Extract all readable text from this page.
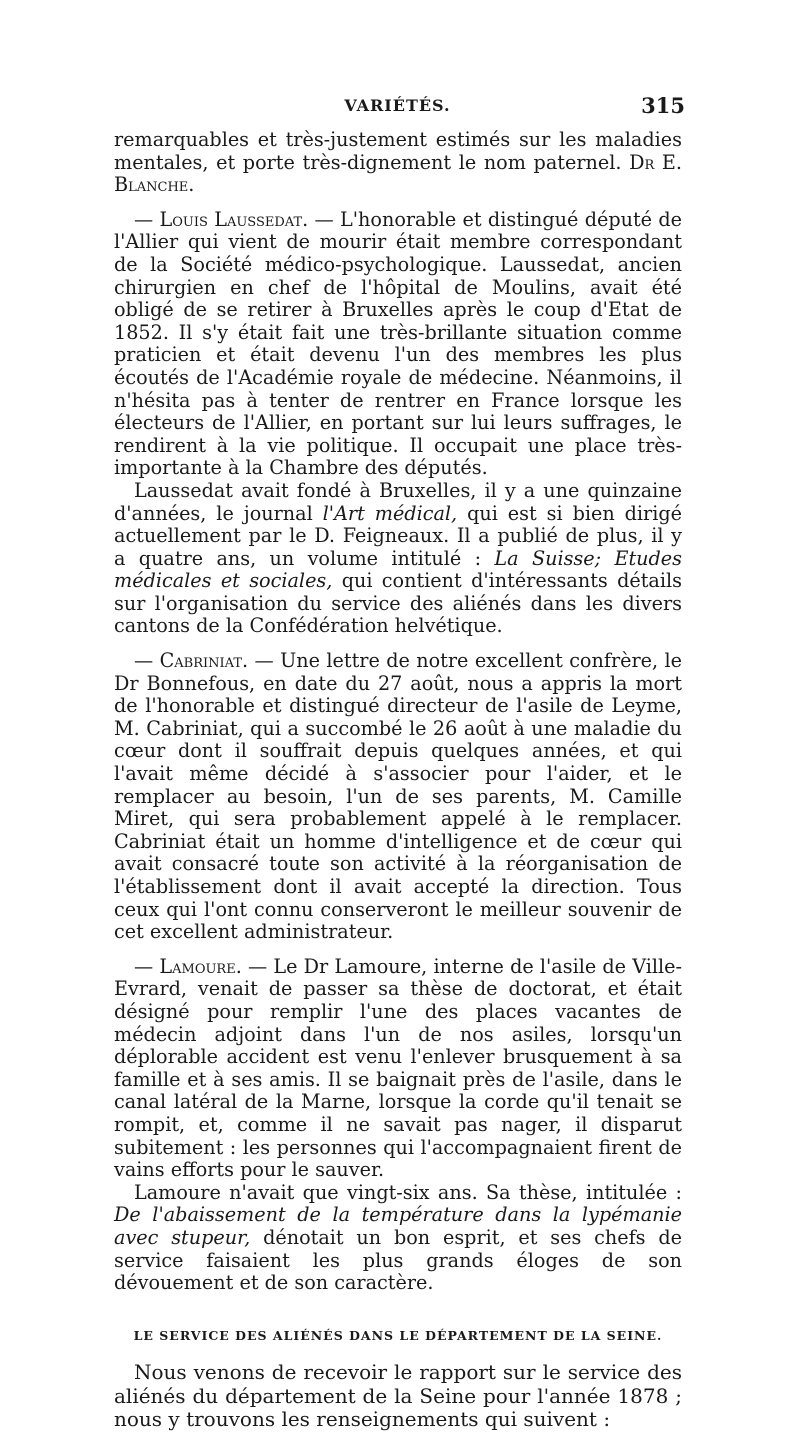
VARIÉTÉS.	315

remarquables et très-justement estimés sur les maladies mentales, et porte très-dignement le nom paternel. Dr E. Blanche.

— Louis Laussedat. — L'honorable et distingué député de l'Allier qui vient de mourir était membre correspondant de la Société médico-psychologique. Laussedat, ancien chirurgien en chef de l'hôpital de Moulins, avait été obligé de se retirer à Bruxelles après le coup d'Etat de 1852. Il s'y était fait une très-brillante situation comme praticien et était devenu l'un des membres les plus écoutés de l'Académie royale de médecine. Néanmoins, il n'hésita pas à tenter de rentrer en France lorsque les électeurs de l'Allier, en portant sur lui leurs suffrages, le rendirent à la vie politique. Il occupait une place très-importante à la Chambre des députés.

Laussedat avait fondé à Bruxelles, il y a une quinzaine d'années, le journal l'Art médical, qui est si bien dirigé actuellement par le D. Feigneaux. Il a publié de plus, il y a quatre ans, un volume intitulé : La Suisse; Etudes médicales et sociales, qui contient d'intéressants détails sur l'organisation du service des aliénés dans les divers cantons de la Confédération helvétique.

— Cabriniat. — Une lettre de notre excellent confrère, le Dr Bonnefous, en date du 27 août, nous a appris la mort de l'honorable et distingué directeur de l'asile de Leyme, M. Cabriniat, qui a succombé le 26 août à une maladie du cœur dont il souffrait depuis quelques années, et qui l'avait même décidé à s'associer pour l'aider, et le remplacer au besoin, l'un de ses parents, M. Camille Miret, qui sera probablement appelé à le remplacer. Cabriniat était un homme d'intelligence et de cœur qui avait consacré toute son activité à la réorganisation de l'établissement dont il avait accepté la direction. Tous ceux qui l'ont connu conserveront le meilleur souvenir de cet excellent administrateur.

— Lamoure. — Le Dr Lamoure, interne de l'asile de Ville-Evrard, venait de passer sa thèse de doctorat, et était désigné pour remplir l'une des places vacantes de médecin adjoint dans l'un de nos asiles, lorsqu'un déplorable accident est venu l'enlever brusquement à sa famille et à ses amis. Il se baignait près de l'asile, dans le canal latéral de la Marne, lorsque la corde qu'il tenait se rompit, et, comme il ne savait pas nager, il disparut subitement : les personnes qui l'accompagnaient firent de vains efforts pour le sauver.

Lamoure n'avait que vingt-six ans. Sa thèse, intitulée : De l'abaissement de la température dans la lypémanie avec stupeur, dénotait un bon esprit, et ses chefs de service faisaient les plus grands éloges de son dévouement et de son caractère.

LE SERVICE DES ALIÉNÉS DANS LE DÉPARTEMENT DE LA SEINE.

Nous venons de recevoir le rapport sur le service des aliénés du département de la Seine pour l'année 1878 ; nous y trouvons les renseignements qui suivent :
